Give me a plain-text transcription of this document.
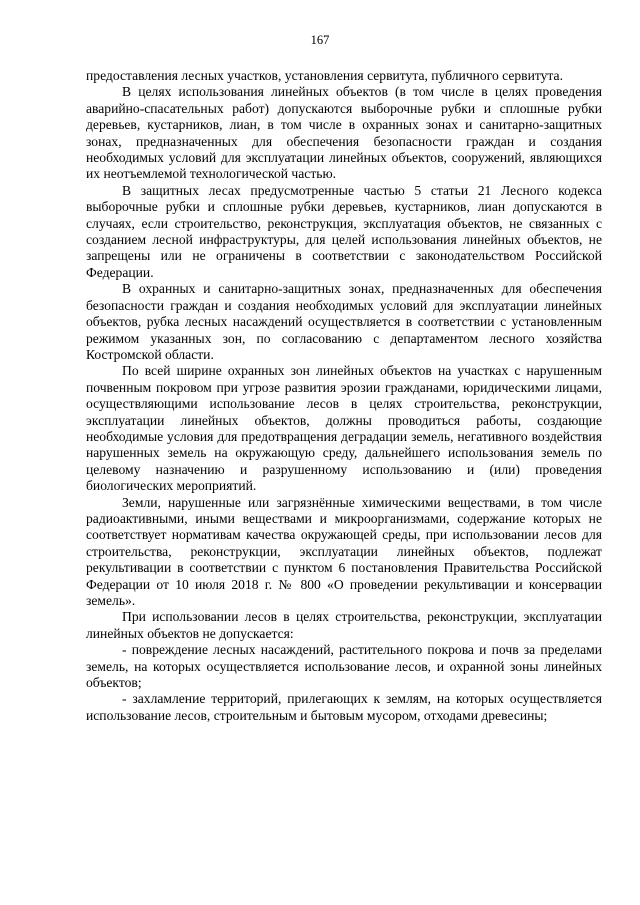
167

предоставления лесных участков, установления сервитута, публичного сервитута.

В целях использования линейных объектов (в том числе в целях проведения аварийно-спасательных работ) допускаются выборочные рубки и сплошные рубки деревьев, кустарников, лиан, в том числе в охранных зонах и санитарно-защитных зонах, предназначенных для обеспечения безопасности граждан и создания необходимых условий для эксплуатации линейных объектов, сооружений, являющихся их неотъемлемой технологической частью.

В защитных лесах предусмотренные частью 5 статьи 21 Лесного кодекса выборочные рубки и сплошные рубки деревьев, кустарников, лиан допускаются в случаях, если строительство, реконструкция, эксплуатация объектов, не связанных с созданием лесной инфраструктуры, для целей использования линейных объектов, не запрещены или не ограничены в соответствии с законодательством Российской Федерации.

В охранных и санитарно-защитных зонах, предназначенных для обеспечения безопасности граждан и создания необходимых условий для эксплуатации линейных объектов, рубка лесных насаждений осуществляется в соответствии с установленным режимом указанных зон, по согласованию с департаментом лесного хозяйства Костромской области.

По всей ширине охранных зон линейных объектов на участках с нарушенным почвенным покровом при угрозе развития эрозии гражданами, юридическими лицами, осуществляющими использование лесов в целях строительства, реконструкции, эксплуатации линейных объектов, должны проводиться работы, создающие необходимые условия для предотвращения деградации земель, негативного воздействия нарушенных земель на окружающую среду, дальнейшего использования земель по целевому назначению и разрушенному использованию и (или) проведения биологических мероприятий.

Земли, нарушенные или загрязнённые химическими веществами, в том числе радиоактивными, иными веществами и микроорганизмами, содержание которых не соответствует нормативам качества окружающей среды, при использовании лесов для строительства, реконструкции, эксплуатации линейных объектов, подлежат рекультивации в соответствии с пунктом 6 постановления Правительства Российской Федерации от 10 июля 2018 г. № 800 «О проведении рекультивации и консервации земель».

При использовании лесов в целях строительства, реконструкции, эксплуатации линейных объектов не допускается:

- повреждение лесных насаждений, растительного покрова и почв за пределами земель, на которых осуществляется использование лесов, и охранной зоны линейных объектов;

- захламление территорий, прилегающих к землям, на которых осуществляется использование лесов, строительным и бытовым мусором, отходами древесины;
